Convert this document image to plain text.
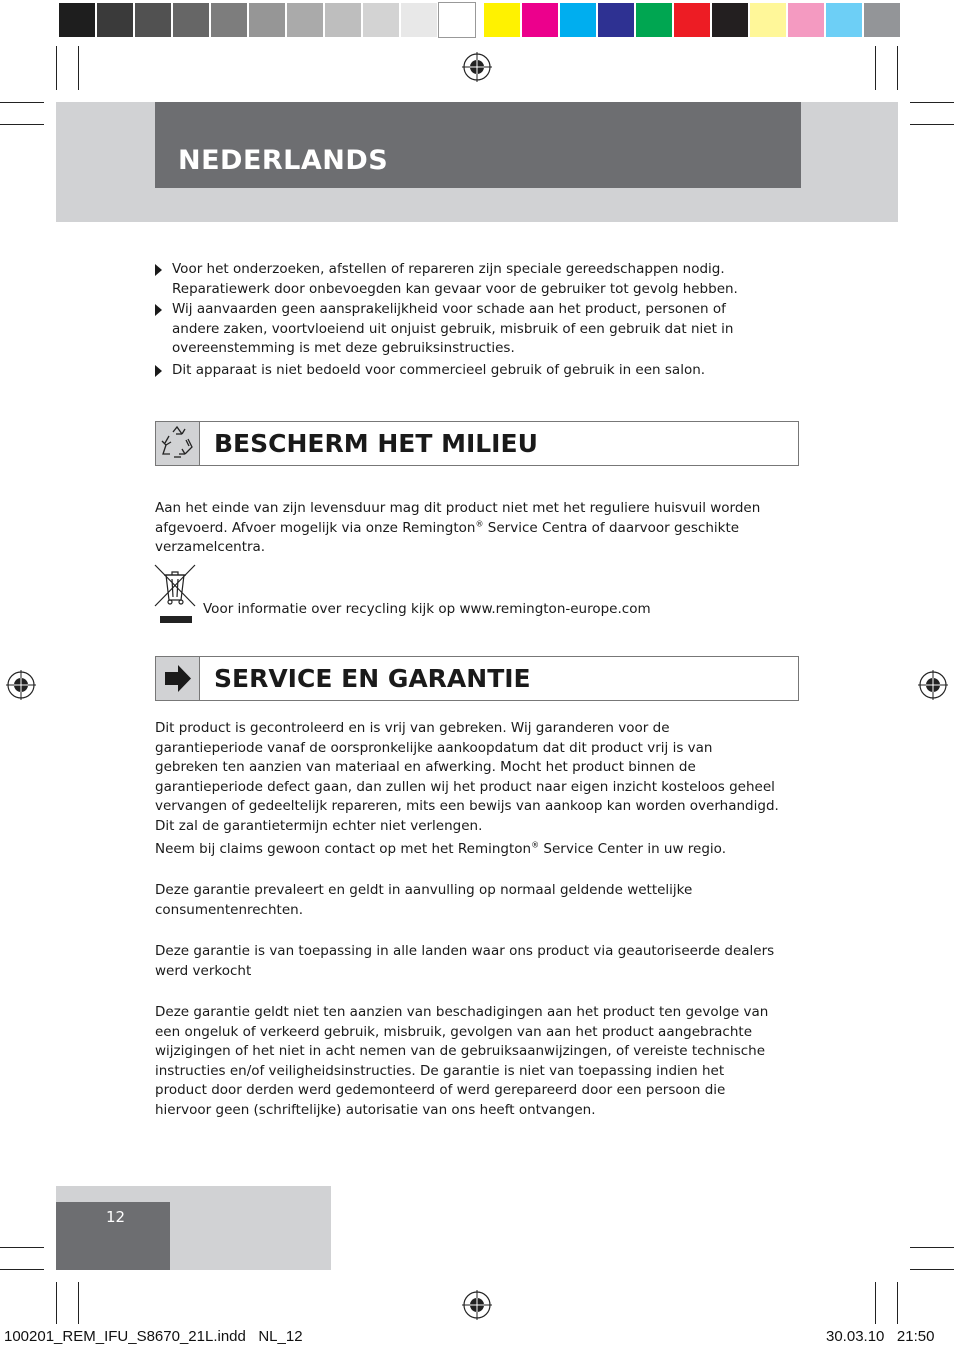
NEDERLANDS
Voor het onderzoeken, afstellen of repareren zijn speciale gereedschappen nodig.
Reparatiewerk door onbevoegden kan gevaar voor de gebruiker tot gevolg hebben.
Wij aanvaarden geen aansprakelijkheid voor schade aan het product, personen of
andere zaken, voortvloeiend uit onjuist gebruik, misbruik of een gebruik dat niet in
overeenstemming is met deze gebruiksinstructies.
Dit apparaat is niet bedoeld voor commercieel gebruik of gebruik in een salon.
BESCHERM HET MILIEU
Aan het einde van zijn levensduur mag dit product niet met het reguliere huisvuil worden
afgevoerd. Afvoer mogelijk via onze Remington® Service Centra of daarvoor geschikte
verzamelcentra.
Voor informatie over recycling kijk op www.remington-europe.com
SERVICE EN GARANTIE
Dit product is gecontroleerd en is vrij van gebreken. Wij garanderen voor de
garantieperiode vanaf de oorspronkelijke aankoopdatum dat dit product vrij is van
gebreken ten aanzien van materiaal en afwerking. Mocht het product binnen de
garantieperiode defect gaan, dan zullen wij het product naar eigen inzicht kosteloos geheel
vervangen of gedeeltelijk repareren, mits een bewijs van aankoop kan worden overhandigd.
Dit zal de garantietermijn echter niet verlengen.
Neem bij claims gewoon contact op met het Remington® Service Center in uw regio.
Deze garantie prevaleert en geldt in aanvulling op normaal geldende wettelijke
consumentenrechten.
Deze garantie is van toepassing in alle landen waar ons product via geautoriseerde dealers
werd verkocht
Deze garantie geldt niet ten aanzien van beschadigingen aan het product ten gevolge van
een ongeluk of verkeerd gebruik, misbruik, gevolgen van aan het product aangebrachte
wijzigingen of het niet in acht nemen van de gebruiksaanwijzingen, of vereiste technische
instructies en/of veiligheidsinstructies. De garantie is niet van toepassing indien het
product door derden werd gedemonteerd of werd gerepareerd door een persoon die
hiervoor geen (schriftelijke) autorisatie van ons heeft ontvangen.
12
100201_REM_IFU_S8670_21L.indd   NL_12	30.03.10   21:50
